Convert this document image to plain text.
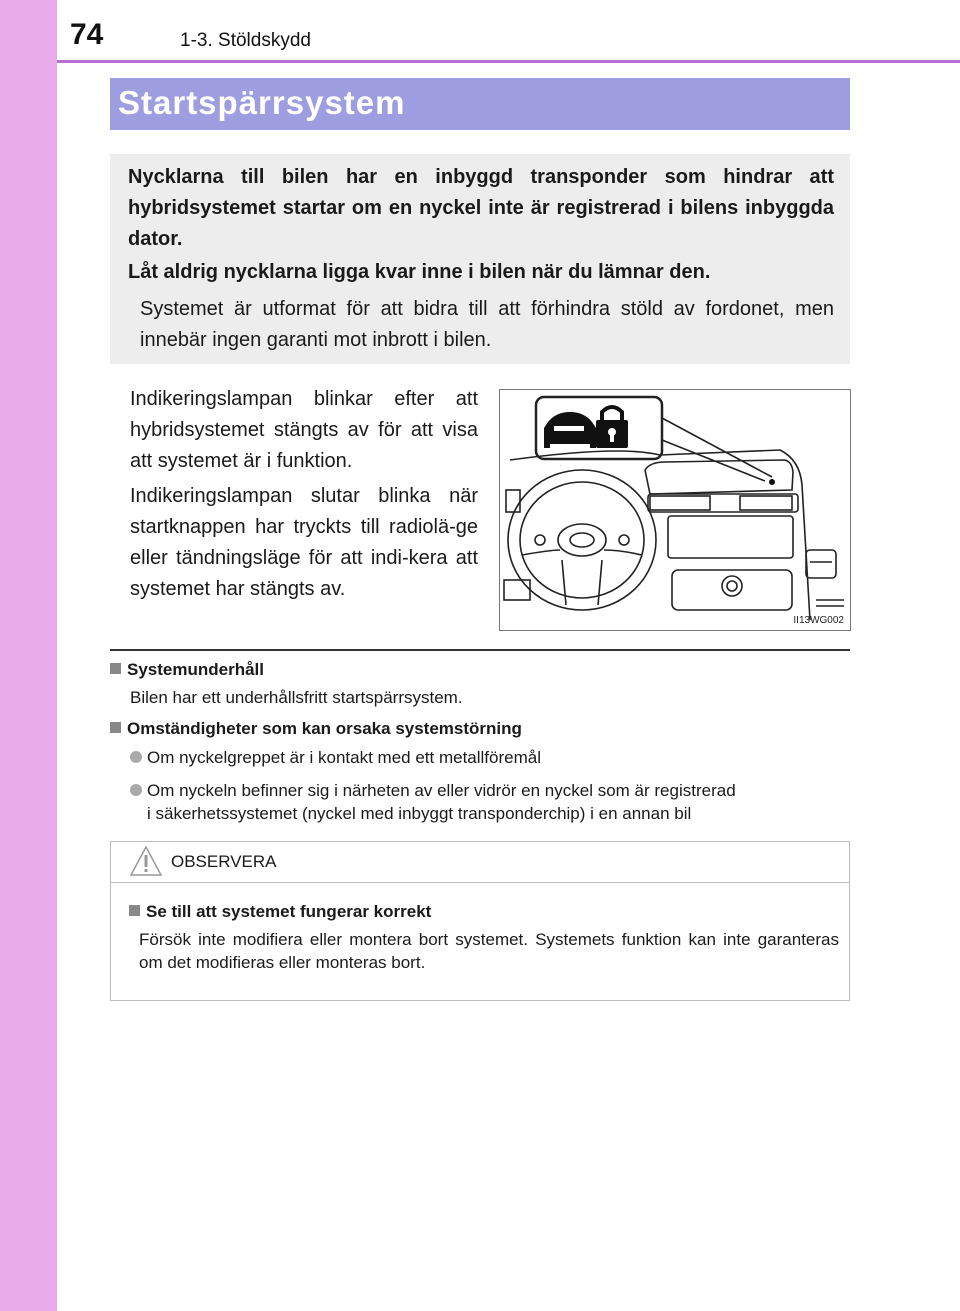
74	1-3. Stöldskydd
Startspärrsystem
Nycklarna till bilen har en inbyggd transponder som hindrar att hybridsystemet startar om en nyckel inte är registrerad i bilens inbyggda dator.
Låt aldrig nycklarna ligga kvar inne i bilen när du lämnar den.
Systemet är utformat för att bidra till att förhindra stöld av fordonet, men innebär ingen garanti mot inbrott i bilen.
Indikeringslampan blinkar efter att hybridsystemet stängts av för att visa att systemet är i funktion.
Indikeringslampan slutar blinka när startknappen har tryckts till radiolä-ge eller tändningsläge för att indi-kera att systemet har stängts av.
II13WG002
Systemunderhåll
Bilen har ett underhållsfritt startspärrsystem.
Omständigheter som kan orsaka systemstörning
Om nyckelgreppet är i kontakt med ett metallföremål
Om nyckeln befinner sig i närheten av eller vidrör en nyckel som är registrerad
i säkerhetssystemet (nyckel med inbyggt transponderchip) i en annan bil
OBSERVERA
Se till att systemet fungerar korrekt
Försök inte modifiera eller montera bort systemet. Systemets funktion kan inte garanteras om det modifieras eller monteras bort.
